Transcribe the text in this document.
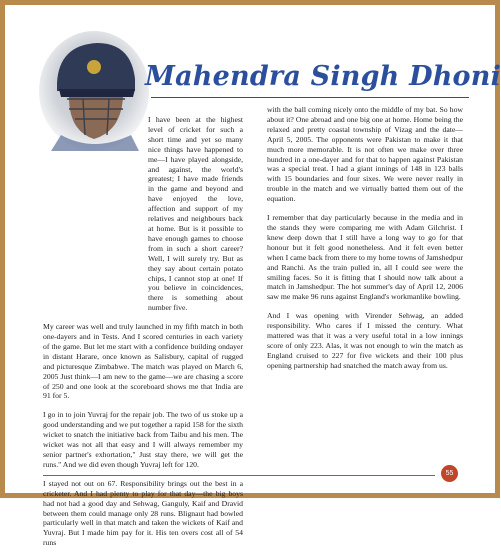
Mahendra Singh Dhoni

I have been at the highest level of cricket for such a short time and yet so many nice things have happened to me—I have played alongside, and against, the world's greatest; I have made friends in the game and beyond and have enjoyed the love, affection and support of my relatives and neighbours back at home. But is it possible to have enough games to choose from in such a short career? Well, I will surely try. But as they say about certain potato chips, I cannot stop at one! If you believe in coincidences, there is something about number five.

My career was well and truly launched in my fifth match in both one-dayers and in Tests. And I scored centuries in each variety of the game. But let me start with a confidence building ondayer in distant Harare, once known as Salisbury, capital of rugged and picturesque Zimbabwe. The match was played on March 6, 2005 Just think—I am new to the game—we are chasing a score of 250 and one look at the scoreboard shows me that India are 91 for 5.

I go in to join Yuvraj for the repair job. The two of us stoke up a good understanding and we put together a rapid 158 for the sixth wicket to snatch the initiative back from Taibu and his men. The wicket was not all that easy and I will always remember my senior partner's exhortation," Just stay there, we will get the runs." And we did even though Yuvraj left for 120.

I stayed not out on 67. Responsibility brings out the best in a cricketer. And I had plenty to play for that day—the big boys had not had a good day and Sehwag, Ganguly, Kaif and Dravid between them could manage only 28 runs. Blignaut had bowled particularly well in that match and taken the wickets of Kaif and Yuvraj. But I made him pay for it. His ten overs cost all of 54 runs

with the ball coming nicely onto the middle of my bat. So how about it? One abroad and one big one at home. Home being the relaxed and pretty coastal township of Vizag and the date—April 5, 2005. The opponents were Pakistan to make it that much more memorable. It is not often we make over three hundred in a one-dayer and for that to happen against Pakistan was a special treat. I had a giant innings of 148 in 123 balls with 15 boundaries and four sixes. We were never really in trouble in the match and we virtually batted them out of the equation.

I remember that day particularly because in the media and in the stands they were comparing me with Adam Gilchrist. I knew deep down that I still have a long way to go for that honour but it felt good nonetheless. And it felt even better when I came back from there to my home towns of Jamshedpur and Ranchi. As the train pulled in, all I could see were the smiling faces. So it is fitting that I should now talk about a match in Jamshedpur. The hot summer's day of April 12, 2006 saw me make 96 runs against England's workmanlike bowling.

And I was opening with Virender Sehwag, an added responsibility. Who cares if I missed the century. What mattered was that it was a very useful total in a low innings score of only 223. Alas, it was not enough to win the match as England cruised to 227 for five wickets and their 100 plus opening partnership had snatched the match away from us.

55
